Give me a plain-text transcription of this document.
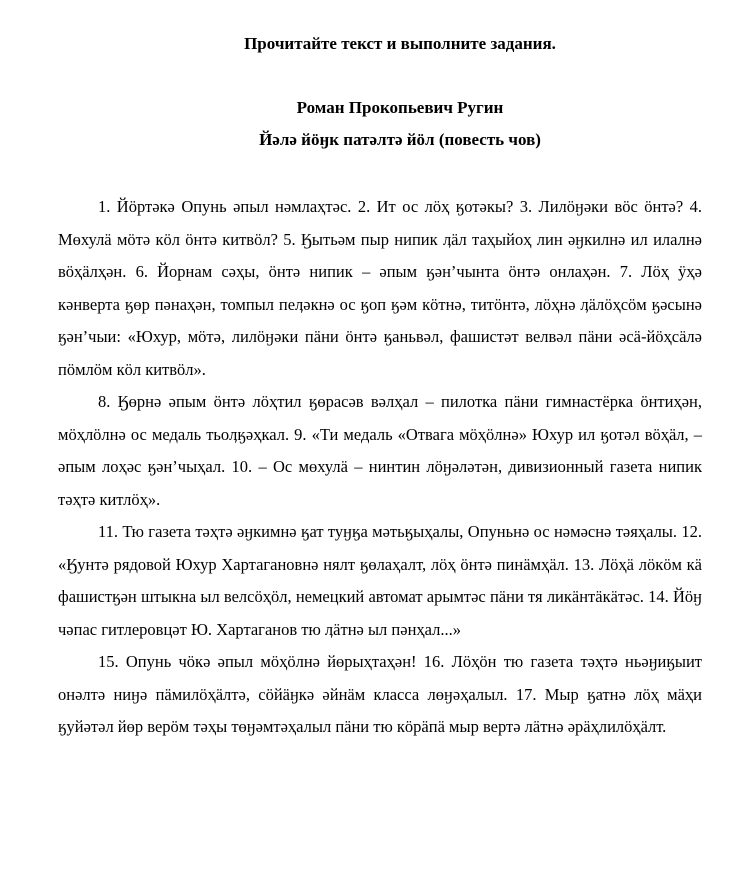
Прочитайте текст и выполните задания.
Роман Прокопьевич Ругин
Йәлә йӧӈк патәлтә йӧл (повесть чов)

1. Йӧртәкә Опунь әпыл нәмлаҳтәс. 2. Ит ос лӧҳ ӄотәкы? 3. Лилӧӈәки вӧс ӧнтә? 4. Мөхулӓ мӧтә кӧл ӧнтә китвӧл? 5. Ӄытьәм пыр нипик ӆӓл таҳыйоҳ лин әӈкилнә ил илалнә вӧҳӓлҳән. 6. Йорнам сәҳы, ӧнтә нипик – әпым ӄән’чынта ӧнтә онлаҳән. 7. Лӧҳ ӱҳә кәнверта ӄөр пәнаҳән, томпыл пеӆәкнә ос ӄоп ӄәм кӧтнә, титӧнтә, лӧҳнә ӆӓлӧҳсӧм ӄәсынә ӄән’чыи: «Юхур, мӧтә, лилӧӈәки пӓни ӧнтә ӄаньвәл, фашистәт велвәл пӓни әсӓ-йӧҳсӓлә пӧмлӧм кӧл китвӧл».

8. Ӄөрнә әпым ӧнтә лӧҳтил ӄөрасәв вәлҳал – пилотка пӓни гимнастёрка ӧнтиҳән, мӧҳлӧлнә ос медаль тьоӆӄәҳкал. 9. «Ти медаль «Отвага мӧҳӧлнә» Юхур ил ӄотәл вӧҳӓл, – әпым лоҳәс ӄән’чыҳал. 10. – Ос мөхулӓ – нинтин лӧӈәләтән, дивизионный газета нипик тәҳтә китлӧҳ».

11. Тю газета тәҳтә әӈкимнә ӄат туӈӄа мәтьӄыҳалы, Опуньнә ос нәмәснә тәяҳалы. 12. «Ӄунтә рядовой Юхур Хартагановнә нялт ӄөлаҳалт, лӧҳ ӧнтә пинӓмҳӓл. 13. Лӧҳӓ лӧкӧм кӓ фашистӄән штыкна ыл велсӧҳӧл, немецкий автомат арымтәс пӓни тя ликӓнтӓкӓтәс. 14. Йӧӈ чәпас гитлеровцәт Ю. Хартаганов тю ӆӓтнә ыл пәнҳал...»

15. Опунь чӧкә әпыл мӧҳӧлнә йөрыҳтаҳән! 16. Лӧҳӧн тю газета тәҳтә ньәӈиӄыит онәлтә ниӈә пӓмилӧҳӓлтә, сӧйӓӈкә әйнӓм класса лөӈәҳалыл. 17. Мыр ӄатнә лӧҳ мӓҳи ӄуйәтәл йөр верӧм тәҳы төӈәмтәҳалыл пӓни тю кӧрӓпӓ мыр вертә лӓтнә әрӓҳлилӧҳӓлт.
